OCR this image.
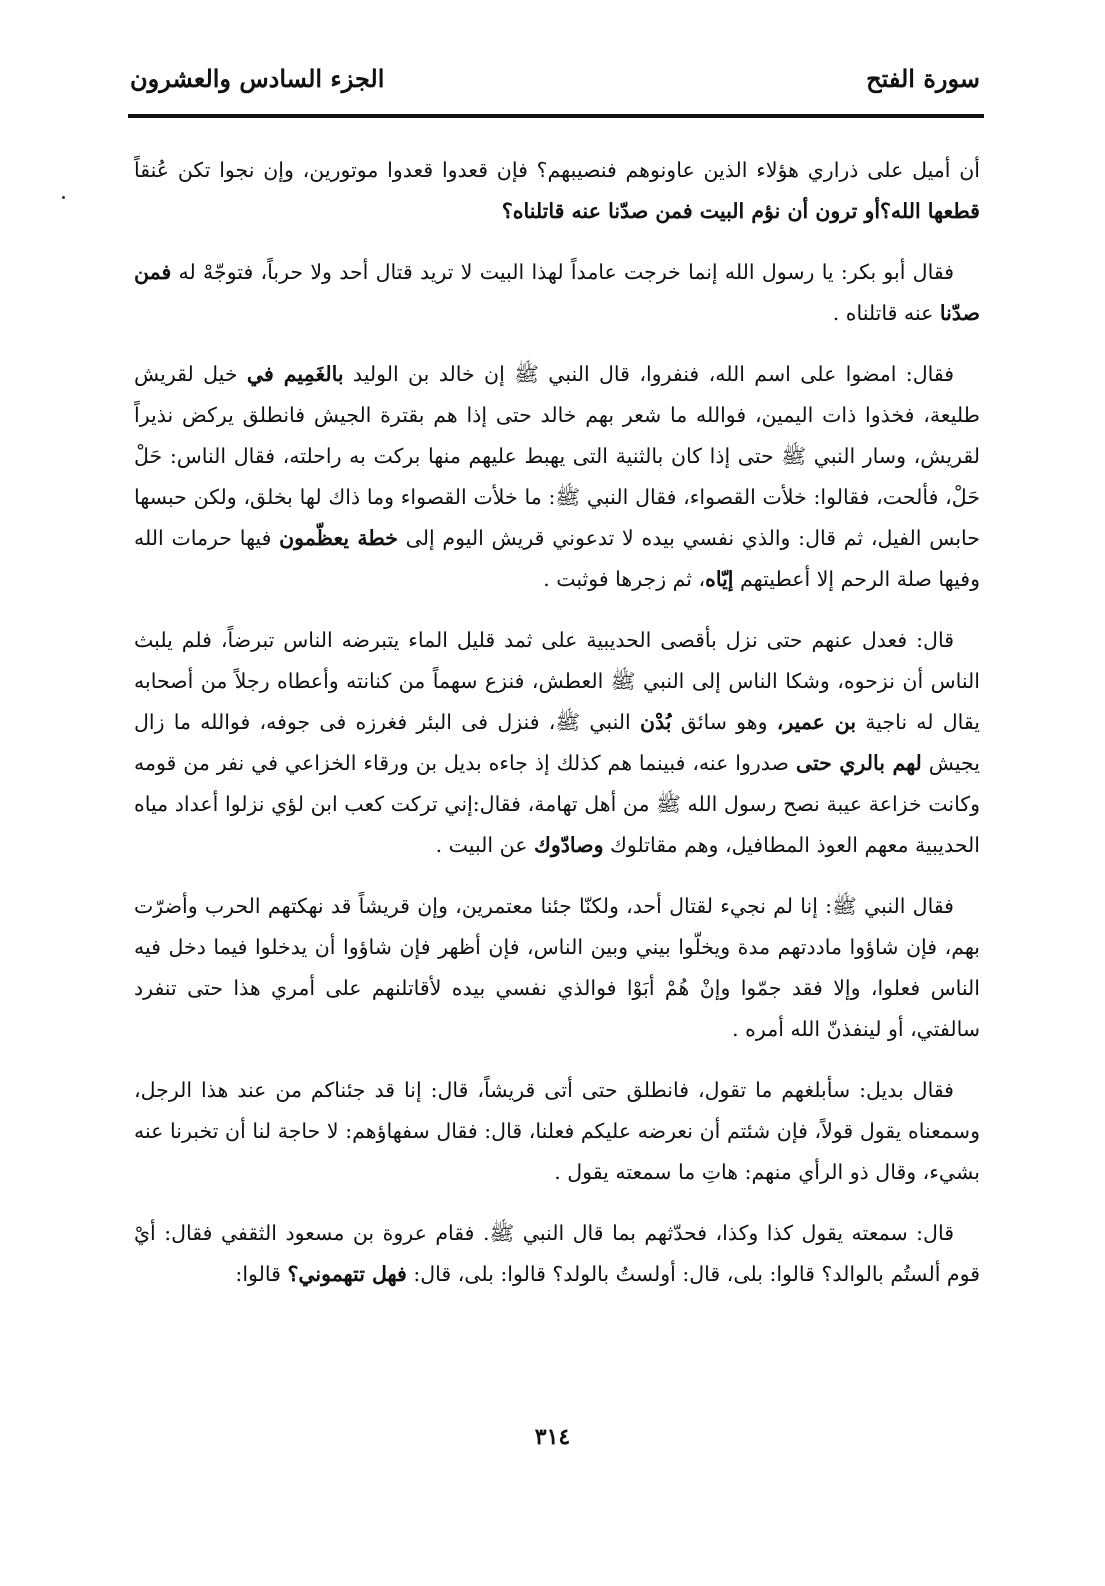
سورة الفتح
الجزء السادس والعشرون

أن أميل على ذراري هؤلاء الذين عاونوهم فنصيبهم؟ فإن قعدوا قعدوا موتورين، وإن نجوا تكن عُنقاً قطعها الله؟أو ترون أن نؤم البيت فمن صدّنا عنه قاتلناه؟

فقال أبو بكر: يا رسول الله إنما خرجت عامداً لهذا البيت لا تريد قتال أحد ولا حرباً، فتوجّهْ له فمن صدّنا عنه قاتلناه .

فقال: امضوا على اسم الله، فنفروا، قال النبي ﷺ إن خالد بن الوليد بالغَمِيم في خيل لقريش طليعة، فخذوا ذات اليمين، فوالله ما شعر بهم خالد حتى إذا هم بقترة الجيش فانطلق يركض نذيراً لقريش، وسار النبي ﷺ حتى إذا كان بالثنية التى يهبط عليهم منها بركت به راحلته، فقال الناس: حَلْ حَلْ، فألحت، فقالوا: خلأت القصواء، فقال النبي ﷺ: ما خلأت القصواء وما ذاك لها بخلق، ولكن حبسها حابس الفيل، ثم قال: والذي نفسي بيده لا تدعوني قريش اليوم إلى خطة يعظّمون فيها حرمات الله وفيها صلة الرحم إلا أعطيتهم إيّاه، ثم زجرها فوثبت .

قال: فعدل عنهم حتى نزل بأقصى الحديبية على ثمد قليل الماء يتبرضه الناس تبرضاً، فلم يلبث الناس أن نزحوه، وشكا الناس إلى النبي ﷺ العطش، فنزع سهماً من كنانته وأعطاه رجلاً من أصحابه يقال له ناجية بن عمير، وهو سائق بُدْن النبي ﷺ، فنزل فى البئر فغرزه فى جوفه، فوالله ما زال يجيش لهم بالري حتى صدروا عنه، فبينما هم كذلك إذ جاءه بديل بن ورقاء الخزاعي في نفر من قومه وكانت خزاعة عيبة نصح رسول الله ﷺ من أهل تهامة، فقال:إني تركت كعب ابن لؤي نزلوا أعداد مياه الحديبية معهم العوذ المطافيل، وهم مقاتلوك وصادّوك عن البيت .

فقال النبي ﷺ: إنا لم نجيء لقتال أحد، ولكنّا جئنا معتمرين، وإن قريشاً قد نهكتهم الحرب وأضرّت بهم، فإن شاؤوا ماددتهم مدة ويخلّوا بيني وبين الناس، فإن أظهر فإن شاؤوا أن يدخلوا فيما دخل فيه الناس فعلوا، وإلا فقد جمّوا وإنْ هُمْ أبَوْا فوالذي نفسي بيده لأقاتلنهم على أمري هذا حتى تنفرد سالفتي، أو لينفذنّ الله أمره .

فقال بديل: سأبلغهم ما تقول، فانطلق حتى أتى قريشاً، قال: إنا قد جئناكم من عند هذا الرجل، وسمعناه يقول قولاً، فإن شئتم أن نعرضه عليكم فعلنا، قال: فقال سفهاؤهم: لا حاجة لنا أن تخبرنا عنه بشيء، وقال ذو الرأي منهم: هاتِ ما سمعته يقول .

قال: سمعته يقول كذا وكذا، فحدّثهم بما قال النبي ﷺ. فقام عروة بن مسعود الثقفي فقال: أيْ قوم ألستُم بالوالد؟ قالوا: بلى، قال: أولستُ بالولد؟ قالوا: بلى، قال: فهل تتهموني؟ قالوا:

٣١٤
